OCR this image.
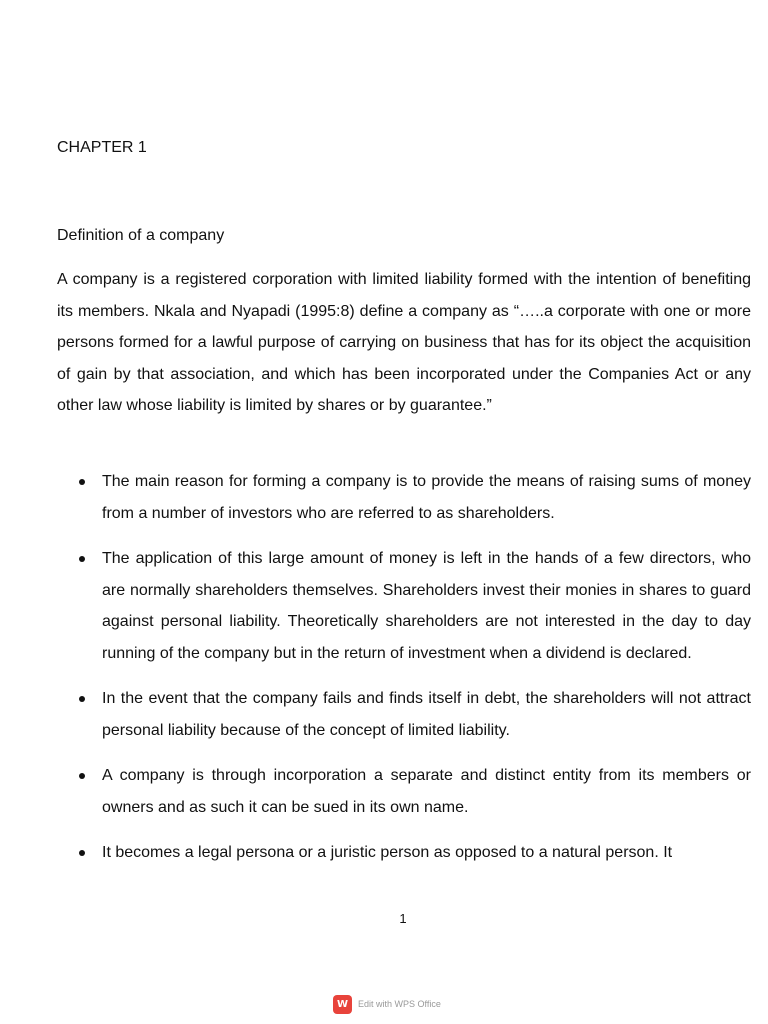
CHAPTER 1
Definition of a company

A company is a registered corporation with limited liability formed with the intention of benefiting its members. Nkala and Nyapadi (1995:8) define a company as “…..a corporate with one or more persons formed for a lawful purpose of carrying on business that has for its object the acquisition of gain by that association, and which has been incorporated under the Companies Act or any other law whose liability is limited by shares or by guarantee.”

The main reason for forming a company is to provide the means of raising sums of money from a number of investors who are referred to as shareholders.
The application of this large amount of money is left in the hands of a few directors, who are normally shareholders themselves. Shareholders invest their monies in shares to guard against personal liability. Theoretically shareholders are not interested in the day to day running of the company but in the return of investment when a dividend is declared.
In the event that the company fails and finds itself in debt, the shareholders will not attract personal liability because of the concept of limited liability.
A company is through incorporation a separate and distinct entity from its members or owners and as such it can be sued in its own name.
It becomes a legal persona or a juristic person as opposed to a natural person. It
1
W	Edit with WPS Office
